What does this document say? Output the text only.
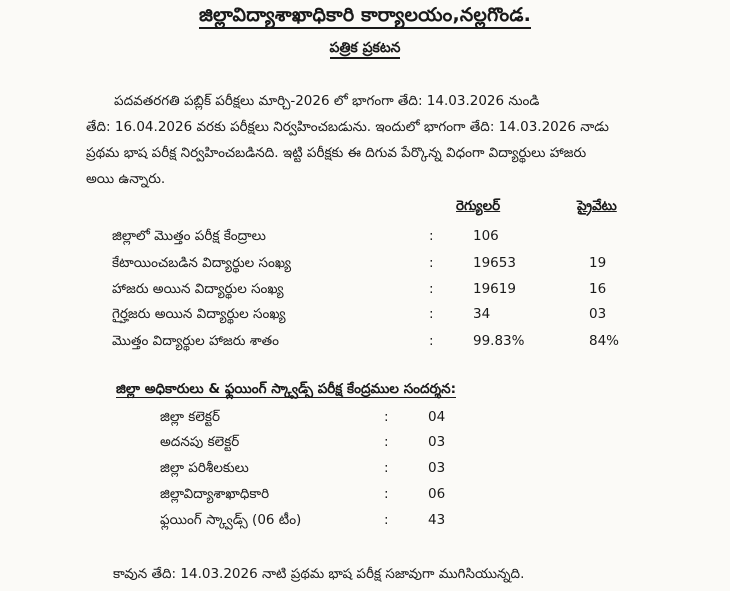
జిల్లావిద్యాశాఖాధికారి కార్యాలయం,నల్లగొండ.
పత్రిక ప్రకటన
పదవతరగతి పబ్లిక్ పరీక్షలు మార్చి-2026 లో భాగంగా తేది: 14.03.2026 నుండి
తేది: 16.04.2026 వరకు పరీక్షలు నిర్వహించబడును. ఇందులో భాగంగా తేది: 14.03.2026 నాడు
ప్రథమ భాష పరీక్ష నిర్వహించబడినది. ఇట్టి పరీక్షకు ఈ దిగువ పేర్కొన్న విధంగా విద్యార్థులు హాజరు
అయి ఉన్నారు.
రెగ్యులర్	ప్రైవేటు
జిల్లాలో మొత్తం పరీక్ష కేంద్రాలు	:	106
కేటాయించబడిన విద్యార్థుల సంఖ్య	:	19653	19
హాజరు అయిన విద్యార్థుల సంఖ్య	:	19619	16
గైర్హజరు అయిన విద్యార్థుల సంఖ్య	:	34	03
మొత్తం విద్యార్థుల హాజరు శాతం	:	99.83%	84%
జిల్లా అధికారులు & ఫ్లయింగ్ స్క్వాడ్స్ పరీక్ష కేంద్రముల సందర్శన:
జిల్లా కలెక్టర్	:	04
అదనపు కలెక్టర్	:	03
జిల్లా పరిశీలకులు	:	03
జిల్లావిద్యాశాఖాధికారి	:	06
ఫ్లయింగ్ స్క్వాడ్స్ (06 టీం)	:	43
కావున తేది: 14.03.2026 నాటి ప్రథమ భాష పరీక్ష సజావుగా ముగిసియున్నది.
